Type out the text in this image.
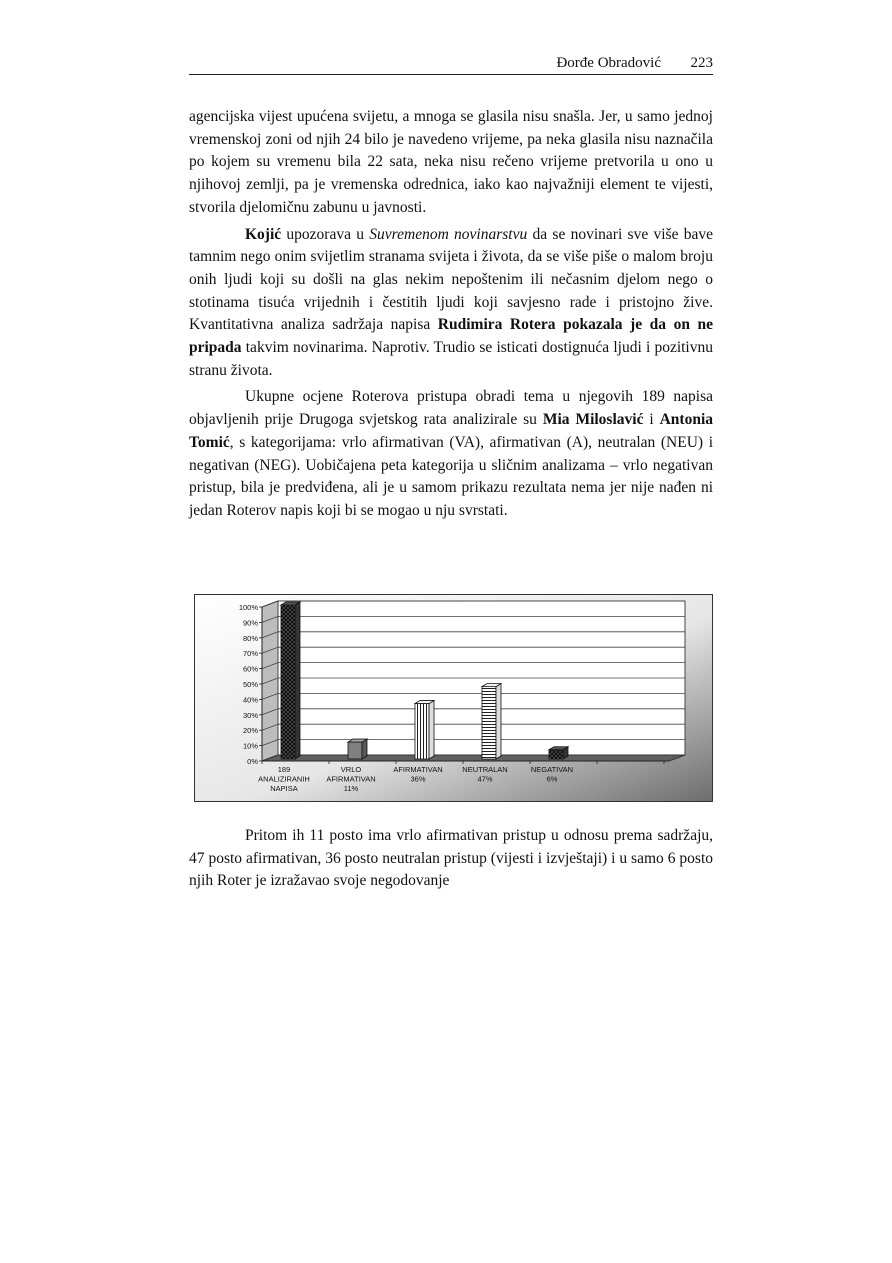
Đorđe Obradović 223

agencijska vijest upućena svijetu, a mnoga se glasila nisu snašla. Jer, u samo jednoj vremenskoj zoni od njih 24 bilo je navedeno vrijeme, pa neka glasila nisu naznačila po kojem su vremenu bila 22 sata, neka nisu rečeno vrijeme pretvorila u ono u njihovoj zemlji, pa je vremenska odrednica, iako kao najvažniji element te vijesti, stvorila djelomičnu zabunu u javnosti.

Kojić upozorava u Suvremenom novinarstvu da se novinari sve više bave tamnim nego onim svijetlim stranama svijeta i života, da se više piše o malom broju onih ljudi koji su došli na glas nekim nepoštenim ili nečasnim djelom nego o stotinama tisuća vrijednih i čestitih ljudi koji savjesno rade i pristojno žive. Kvantitativna analiza sadržaja napisa Rudimira Rotera pokazala je da on ne pripada takvim novinarima. Naprotiv. Trudio se isticati dostignuća ljudi i pozitivnu stranu života.

Ukupne ocjene Roterova pristupa obradi tema u njegovih 189 napisa objavljenih prije Drugoga svjetskog rata analizirale su Mia Miloslavić i Antonia Tomić, s kategorijama: vrlo afirmativan (VA), afirmativan (A), neutralan (NEU) i negativan (NEG). Uobičajena peta kategorija u sličnim analizama – vrlo negativan pristup, bila je predviđena, ali je u samom prikazu rezultata nema jer nije nađen ni jedan Roterov napis koji bi se mogao u nju svrstati.

0%
10%
20%
30%
40%
50%
60%
70%
80%
90%
100%
189
ANALIZIRANIH
NAPISA
VRLO
AFIRMATIVAN
11%
AFIRMATIVAN
36%
NEUTRALAN
47%
NEGATIVAN
6%

Pritom ih 11 posto ima vrlo afirmativan pristup u odnosu prema sadržaju, 47 posto afirmativan, 36 posto neutralan pristup (vijesti i izvještaji) i u samo 6 posto njih Roter je izražavao svoje negodovanje
